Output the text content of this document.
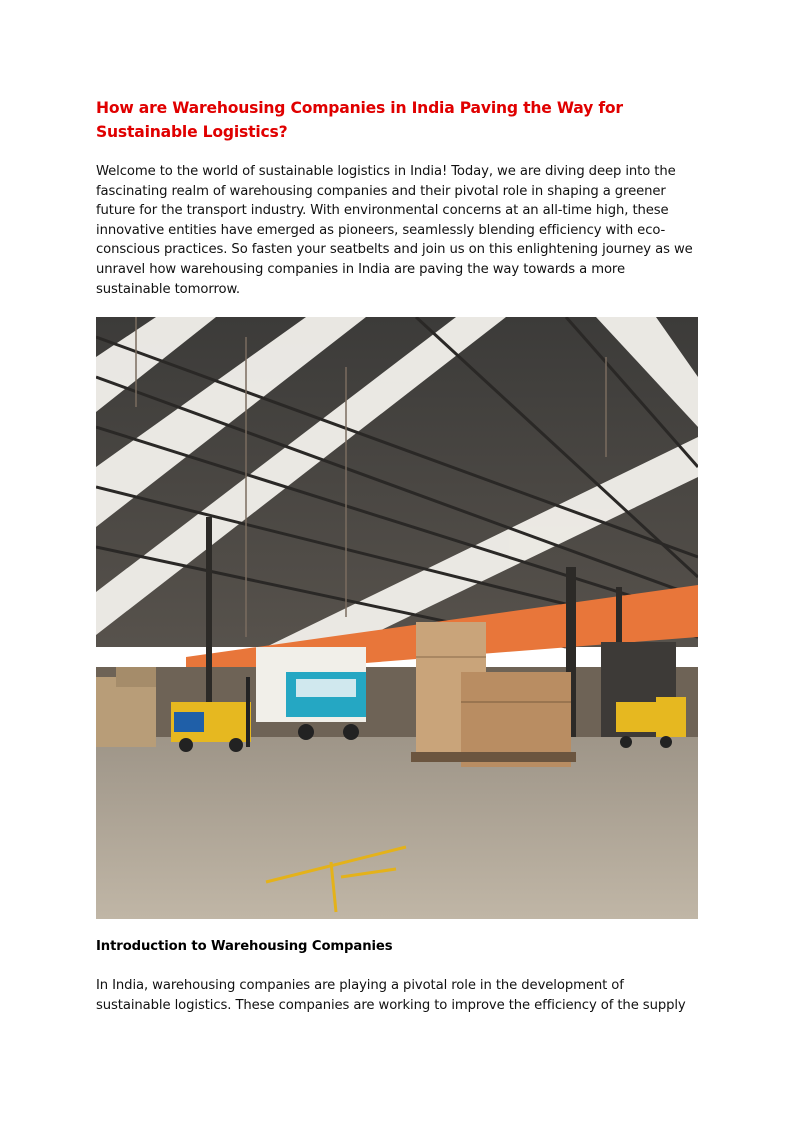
How are Warehousing Companies in India Paving the Way for Sustainable Logistics?

Welcome to the world of sustainable logistics in India! Today, we are diving deep into the fascinating realm of warehousing companies and their pivotal role in shaping a greener future for the transport industry. With environmental concerns at an all-time high, these innovative entities have emerged as pioneers, seamlessly blending efficiency with eco-conscious practices. So fasten your seatbelts and join us on this enlightening journey as we unravel how warehousing companies in India are paving the way towards a more sustainable tomorrow.

Introduction to Warehousing Companies

In India, warehousing companies are playing a pivotal role in the development of sustainable logistics. These companies are working to improve the efficiency of the supply
